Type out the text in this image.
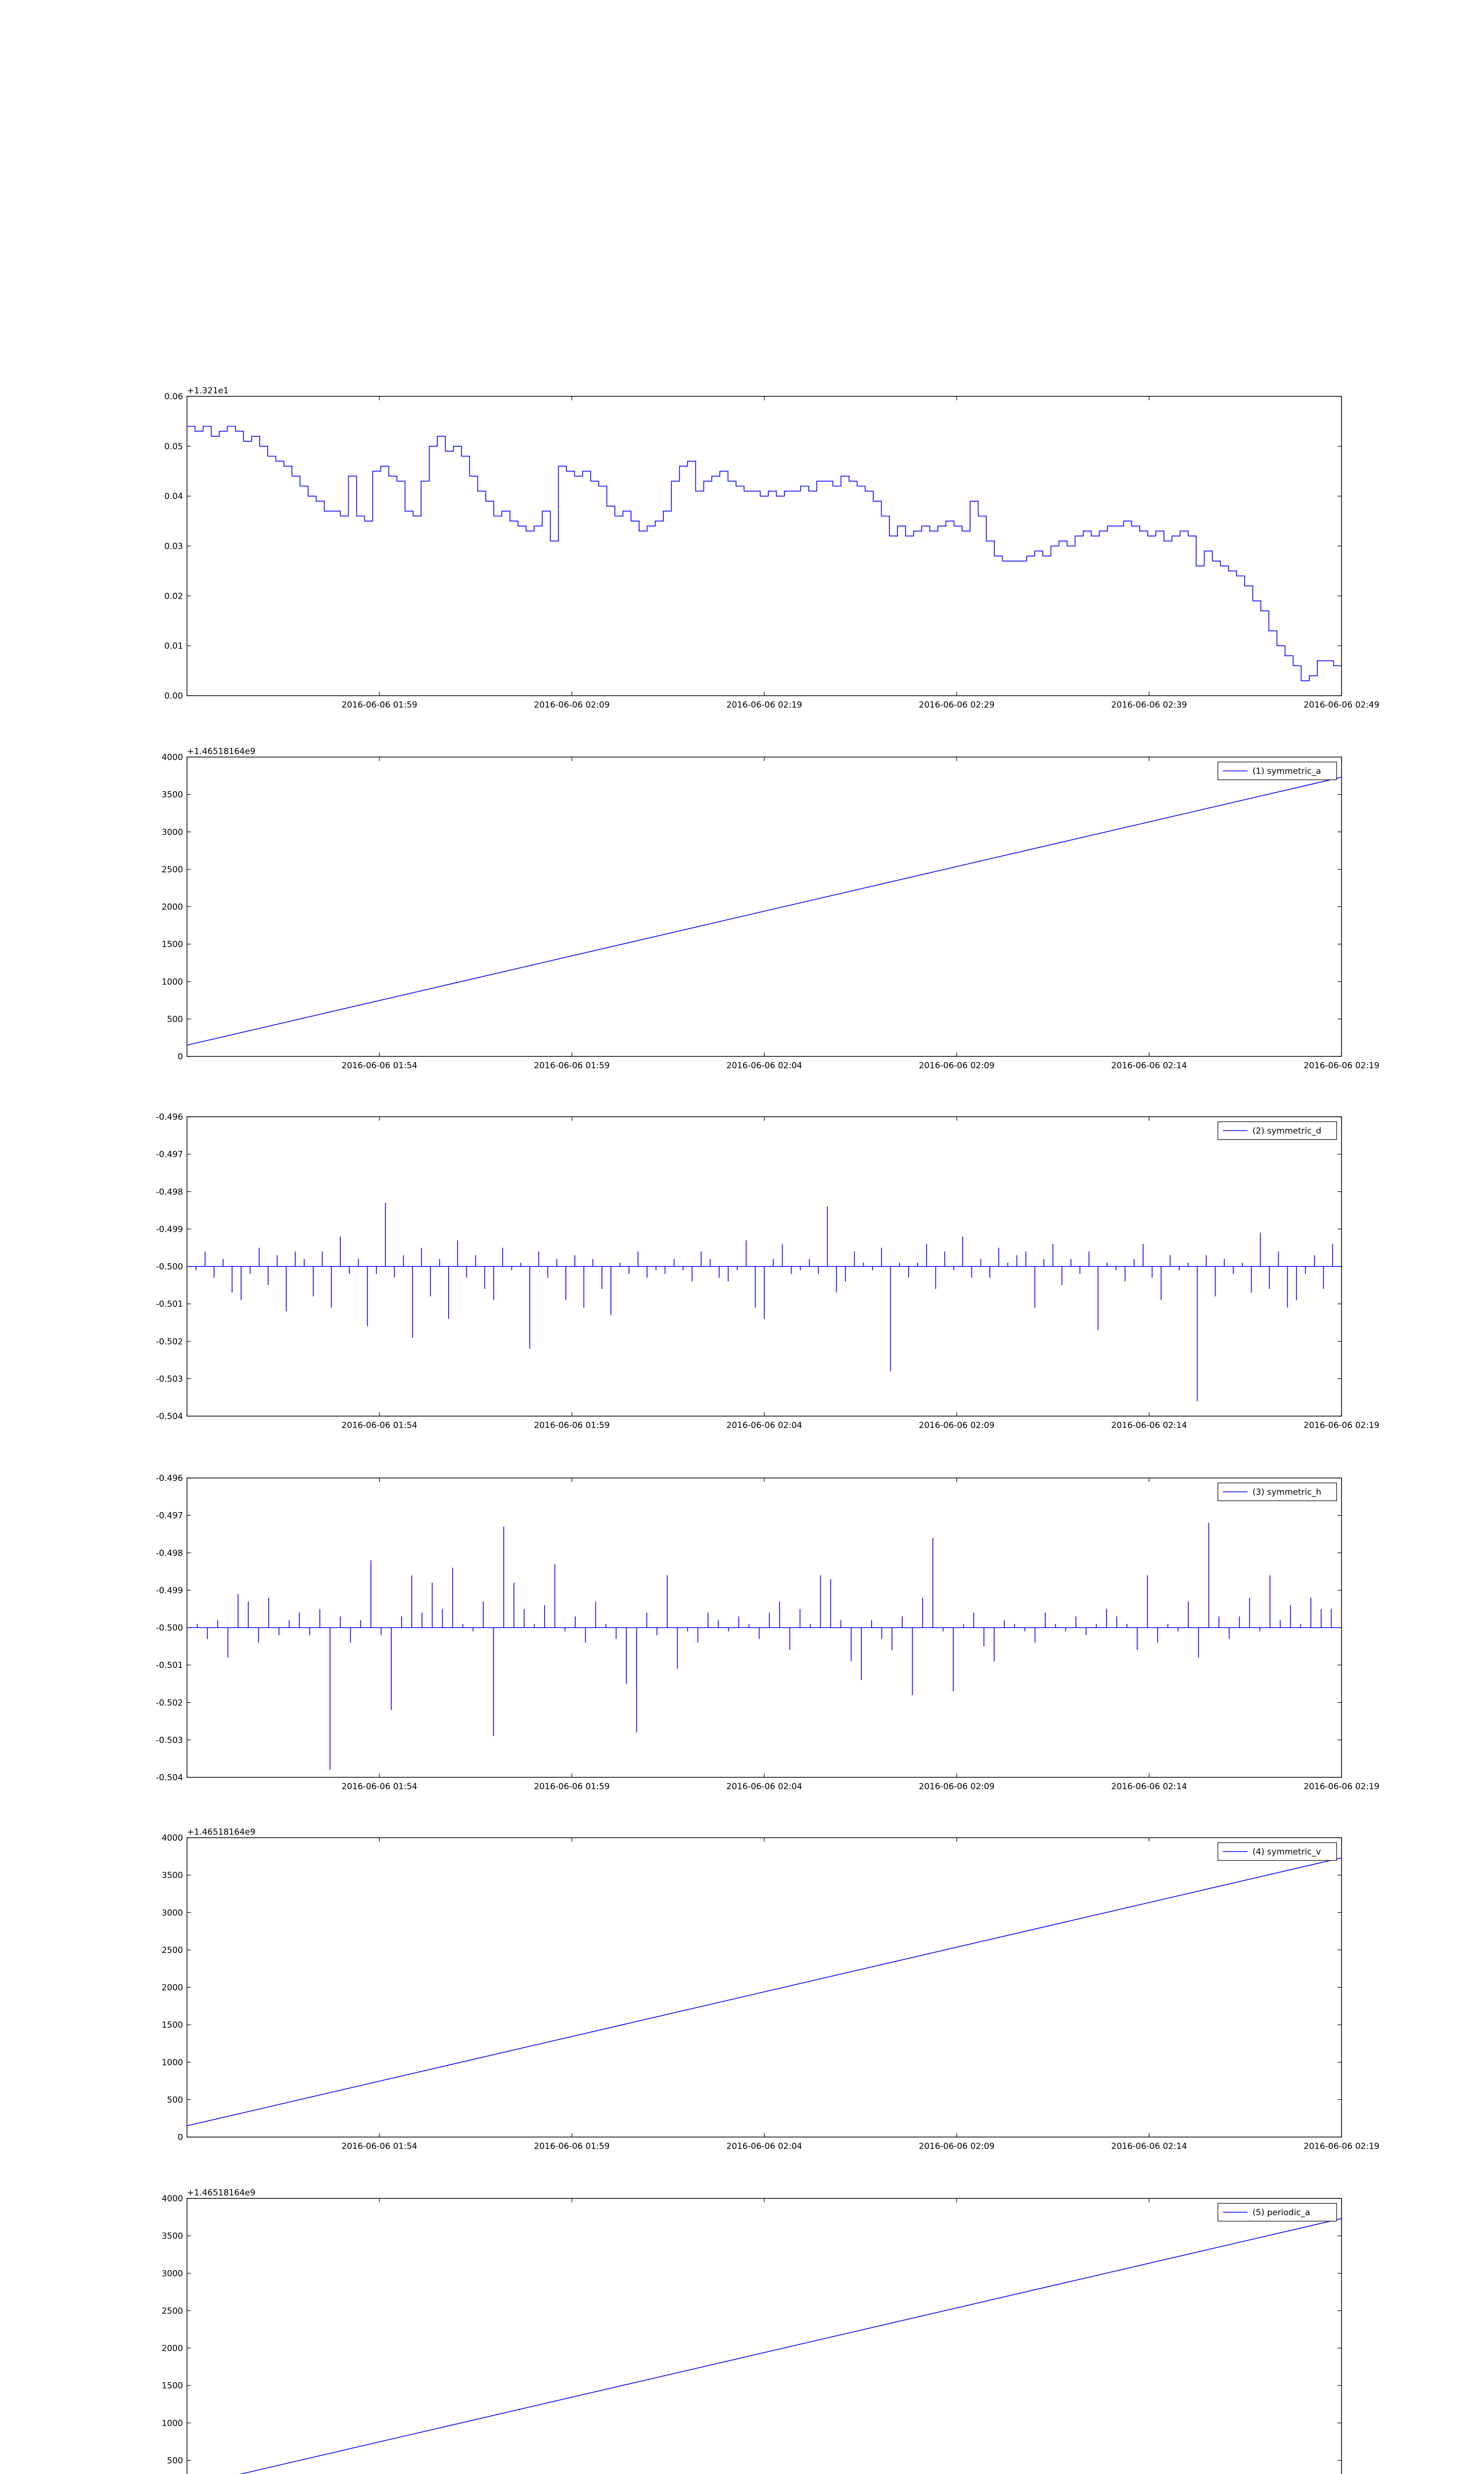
0.00
0.01
0.02
0.03
0.04
0.05
0.06
2016-06-06 01:59	2016-06-06 02:09	2016-06-06 02:19	2016-06-06 02:29	2016-06-06 02:39	2016-06-06 02:49
+1.321e1
0
500
1000
1500
2000
2500
3000
3500
4000
2016-06-06 01:54	2016-06-06 01:59	2016-06-06 02:04	2016-06-06 02:09	2016-06-06 02:14	2016-06-06 02:19
+1.46518164e9
(1) symmetric_a
-0.504
-0.503
-0.502
-0.501
-0.500
-0.499
-0.498
-0.497
-0.496
2016-06-06 01:54	2016-06-06 01:59	2016-06-06 02:04	2016-06-06 02:09	2016-06-06 02:14	2016-06-06 02:19
(2) symmetric_d
-0.504
-0.503
-0.502
-0.501
-0.500
-0.499
-0.498
-0.497
-0.496
2016-06-06 01:54	2016-06-06 01:59	2016-06-06 02:04	2016-06-06 02:09	2016-06-06 02:14	2016-06-06 02:19
(3) symmetric_h
0
500
1000
1500
2000
2500
3000
3500
4000
2016-06-06 01:54	2016-06-06 01:59	2016-06-06 02:04	2016-06-06 02:09	2016-06-06 02:14	2016-06-06 02:19
+1.46518164e9
(4) symmetric_v
500
1000
1500
2000
2500
3000
3500
4000
+1.46518164e9
(5) periodic_a
